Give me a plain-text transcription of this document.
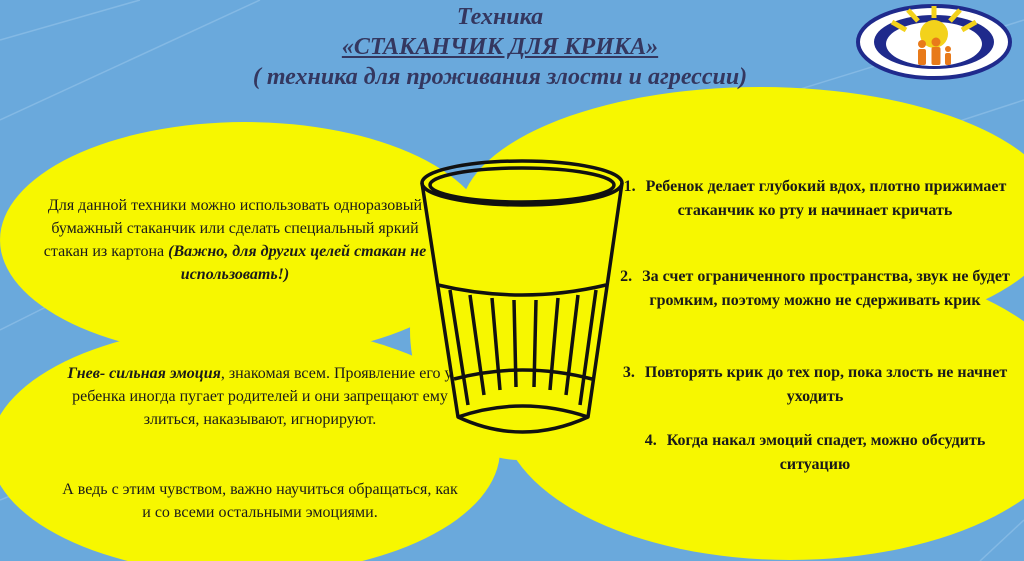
Техника
«СТАКАНЧИК ДЛЯ КРИКА»
( техника для проживания злости и агрессии)
Для данной техники можно использовать одноразовый бумажный стаканчик или сделать специальный яркий стакан из картона (Важно, для других целей стакан не использовать!)
Гнев- сильная эмоция, знакомая всем. Проявление его у ребенка иногда пугает родителей и они запрещают ему злиться, наказывают, игнорируют.
А ведь с этим чувством, важно научиться обращаться, как и со всеми остальными эмоциями.
1. Ребенок делает глубокий вдох, плотно прижимает стаканчик ко рту и начинает кричать
2. За счет ограниченного пространства, звук не будет громким, поэтому можно не сдерживать крик
3. Повторять крик до тех пор, пока злость не начнет уходить
4. Когда накал эмоций спадет, можно обсудить ситуацию
